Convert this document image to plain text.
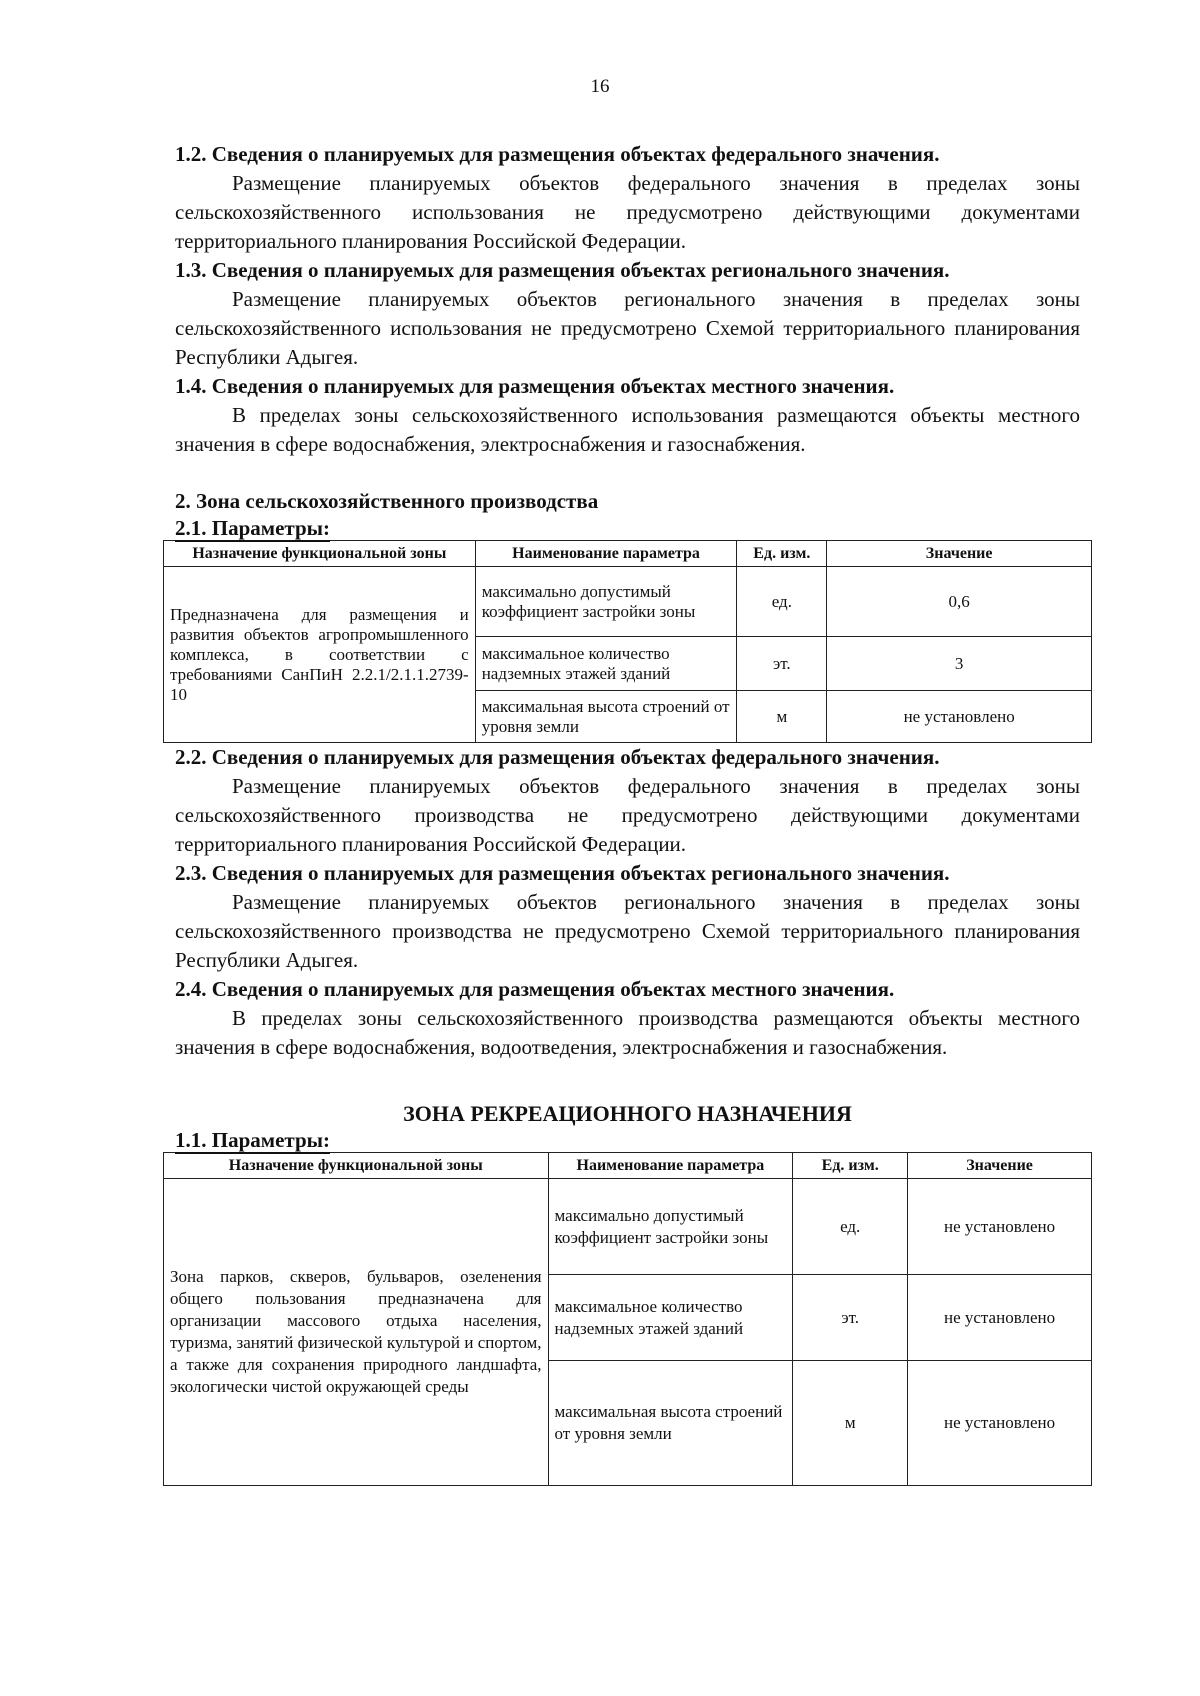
16

1.2. Сведения о планируемых для размещения объектах федерального значения.

Размещение планируемых объектов федерального значения в пределах зоны сельскохозяйственного использования не предусмотрено действующими документами территориального планирования Российской Федерации.

1.3. Сведения о планируемых для размещения объектах регионального значения.

Размещение планируемых объектов регионального значения в пределах зоны сельскохозяйственного использования не предусмотрено Схемой территориального планирования Республики Адыгея.

1.4. Сведения о планируемых для размещения объектах местного значения.

В пределах зоны сельскохозяйственного использования размещаются объекты местного значения в сфере водоснабжения, электроснабжения и газоснабжения.

2. Зона сельскохозяйственного производства

2.1. Параметры:

Назначение функциональной зоны	Наименование параметра	Ед. изм.	Значение
Предназначена для размещения и развития объектов агропромышленного комплекса, в соответствии с требованиями СанПиН 2.2.1/2.1.1.2739-10	максимально допустимый коэффициент застройки зоны	ед.	0,6
	максимальное количество надземных этажей зданий	эт.	3
	максимальная высота строений от уровня земли	м	не установлено

2.2. Сведения о планируемых для размещения объектах федерального значения.

Размещение планируемых объектов федерального значения в пределах зоны сельскохозяйственного производства не предусмотрено действующими документами территориального планирования Российской Федерации.

2.3. Сведения о планируемых для размещения объектах регионального значения.

Размещение планируемых объектов регионального значения в пределах зоны сельскохозяйственного производства не предусмотрено Схемой территориального планирования Республики Адыгея.

2.4. Сведения о планируемых для размещения объектах местного значения.

В пределах зоны сельскохозяйственного производства размещаются объекты местного значения в сфере водоснабжения, водоотведения, электроснабжения и газоснабжения.

ЗОНА РЕКРЕАЦИОННОГО НАЗНАЧЕНИЯ

1.1. Параметры:

Назначение функциональной зоны	Наименование параметра	Ед. изм.	Значение
Зона парков, скверов, бульваров, озеленения общего пользования предназначена для организации массового отдыха населения, туризма, занятий физической культурой и спортом, а также для сохранения природного ландшафта, экологически чистой окружающей среды	максимально допустимый коэффициент застройки зоны	ед.	не установлено
	максимальное количество надземных этажей зданий	эт.	не установлено
	максимальная высота строений от уровня земли	м	не установлено
